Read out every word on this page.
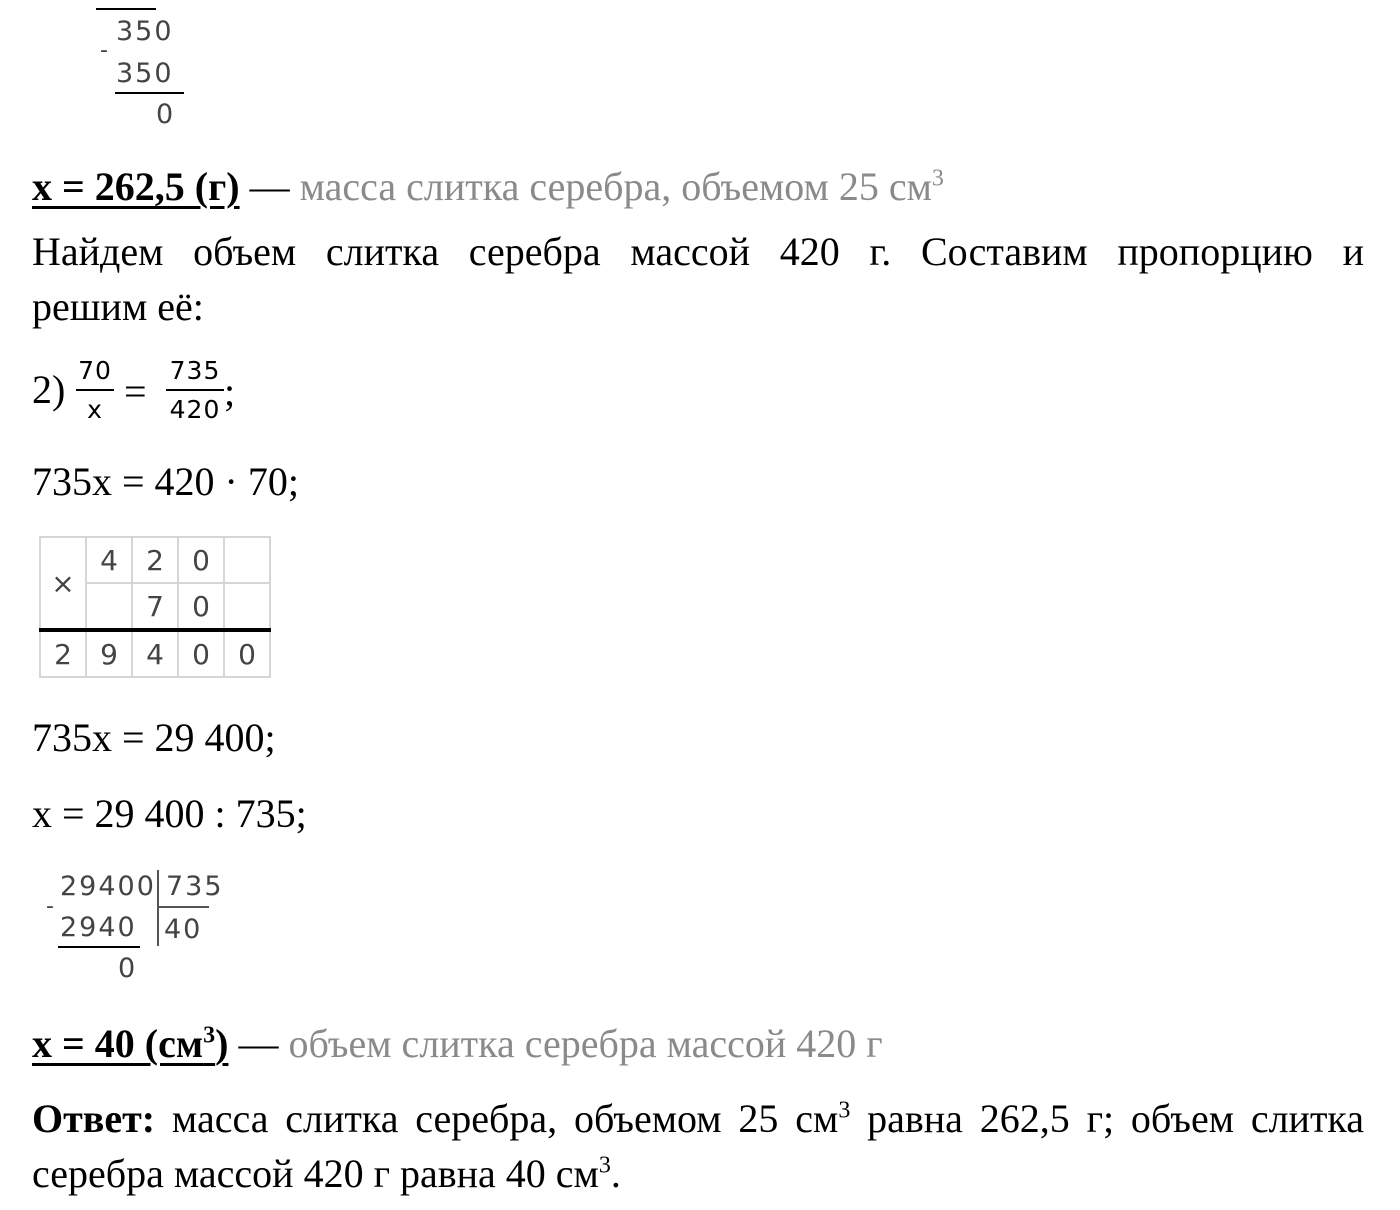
350
-
350
0
x = 262,5 (г) — масса слитка серебра, объемом 25 $см^3$
Найдем объем слитка серебра массой 420 г. Составим пропорцию и
решим её:
2) 70
x = 735
420 ;
735x = 420 · 70;
×	4	2	0	
		7	0	
2	9	4	0	0
735x = 29 400;
x = 29 400 : 735;
29400 735
-
2940 40
0
x = 40 $(см^3)$ — объем слитка серебра массой 420 г
Ответ: масса слитка серебра, объемом 25 $см^3$ равна 262,5 г; объем слитка
серебра массой 420 г равна 40 $см^3$.
